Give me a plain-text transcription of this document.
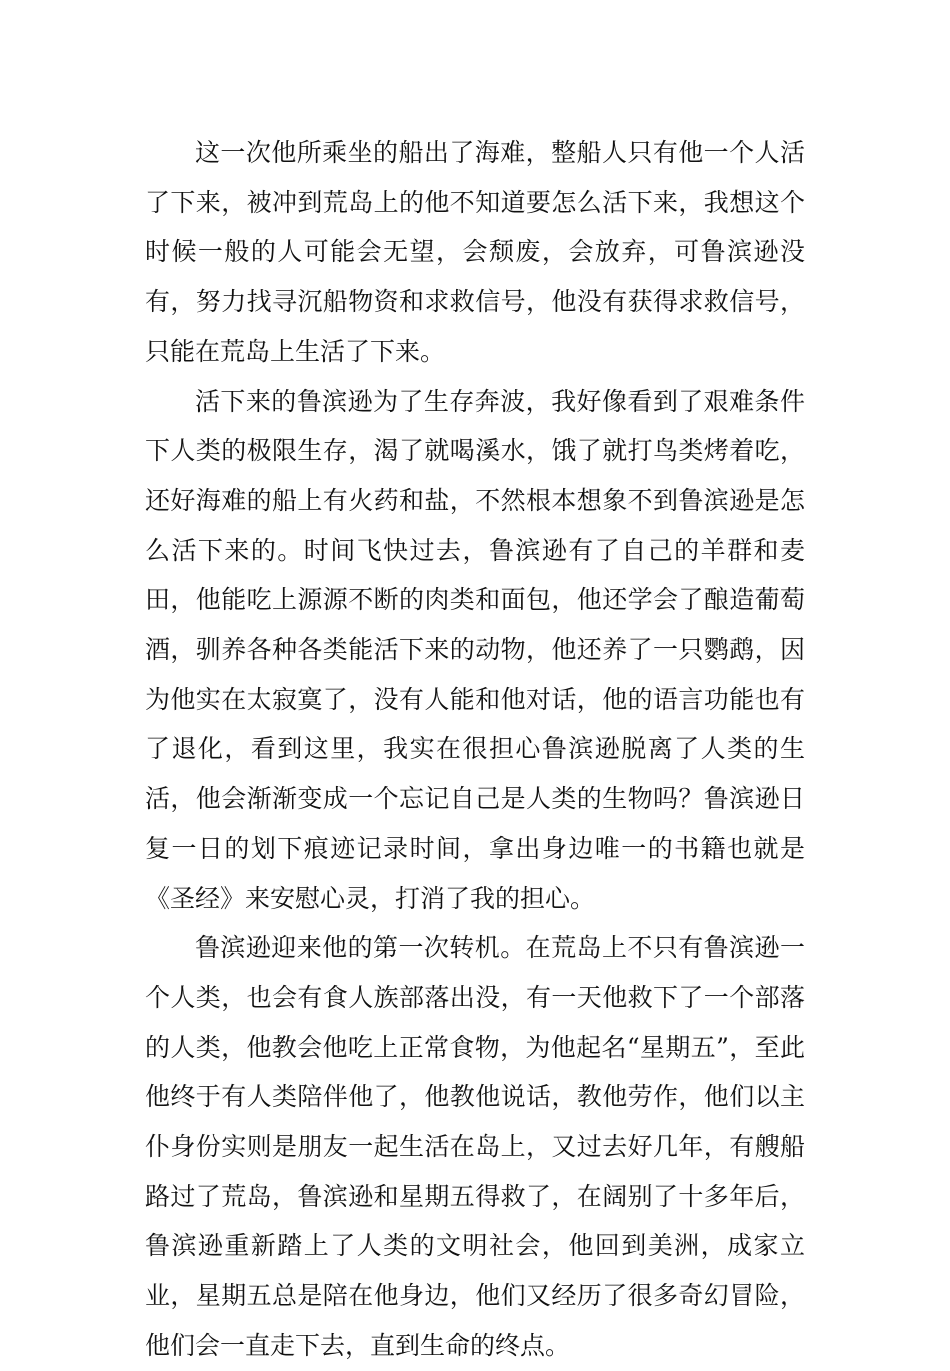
这一次他所乘坐的船出了海难，整船人只有他一个人活了下来，被冲到荒岛上的他不知道要怎么活下来，我想这个时候一般的人可能会无望，会颓废，会放弃，可鲁滨逊没有，努力找寻沉船物资和求救信号，他没有获得求救信号，只能在荒岛上生活了下来。

活下来的鲁滨逊为了生存奔波，我好像看到了艰难条件下人类的极限生存，渴了就喝溪水，饿了就打鸟类烤着吃，还好海难的船上有火药和盐，不然根本想象不到鲁滨逊是怎么活下来的。时间飞快过去，鲁滨逊有了自己的羊群和麦田，他能吃上源源不断的肉类和面包，他还学会了酿造葡萄酒，驯养各种各类能活下来的动物，他还养了一只鹦鹉，因为他实在太寂寞了，没有人能和他对话，他的语言功能也有了退化，看到这里，我实在很担心鲁滨逊脱离了人类的生活，他会渐渐变成一个忘记自己是人类的生物吗？鲁滨逊日复一日的划下痕迹记录时间，拿出身边唯一的书籍也就是《圣经》来安慰心灵，打消了我的担心。

鲁滨逊迎来他的第一次转机。在荒岛上不只有鲁滨逊一个人类，也会有食人族部落出没，有一天他救下了一个部落的人类，他教会他吃上正常食物，为他起名“星期五”，至此他终于有人类陪伴他了，他教他说话，教他劳作，他们以主仆身份实则是朋友一起生活在岛上，又过去好几年，有艘船路过了荒岛，鲁滨逊和星期五得救了，在阔别了十多年后，鲁滨逊重新踏上了人类的文明社会，他回到美洲，成家立业，星期五总是陪在他身边，他们又经历了很多奇幻冒险，他们会一直走下去，直到生命的终点。
